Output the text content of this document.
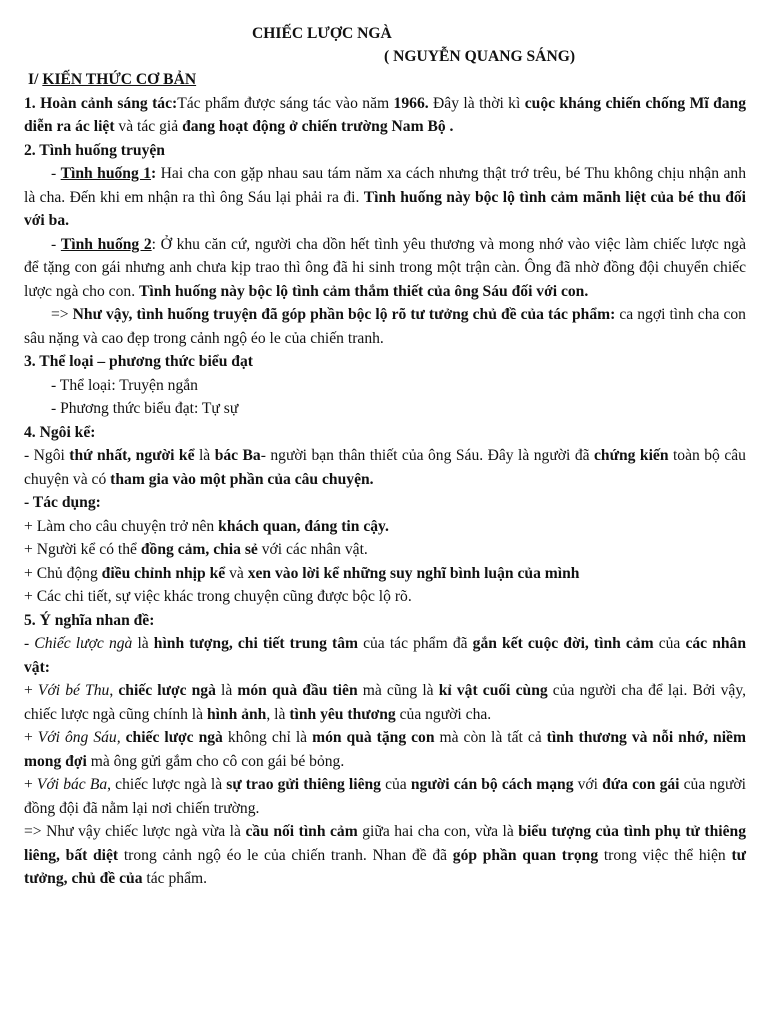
CHIẾC LƯỢC NGÀ
( NGUYỄN QUANG SÁNG)

I/ KIẾN THỨC CƠ BẢN

1. Hoàn cảnh sáng tác:Tác phẩm được sáng tác vào năm 1966. Đây là thời kì cuộc kháng chiến chống Mĩ đang diễn ra ác liệt và tác giả đang hoạt động ở chiến trường Nam Bộ .

2. Tình huống truyện

- Tình huống 1: Hai cha con gặp nhau sau tám năm xa cách nhưng thật trớ trêu, bé Thu không chịu nhận anh là cha. Đến khi em nhận ra thì ông Sáu lại phải ra đi. Tình huống này bộc lộ tình cảm mãnh liệt của bé thu đối với ba.

- Tình huống 2: Ở khu căn cứ, người cha dồn hết tình yêu thương và mong nhớ vào việc làm chiếc lược ngà để tặng con gái nhưng anh chưa kịp trao thì ông đã hi sinh trong một trận càn. Ông đã nhờ đồng đội chuyển chiếc lược ngà cho con. Tình huống này bộc lộ tình cảm thắm thiết của ông Sáu đối với con.

=> Như vậy, tình huống truyện đã góp phần bộc lộ rõ tư tưởng chủ đề của tác phẩm: ca ngợi tình cha con sâu nặng và cao đẹp trong cảnh ngộ éo le của chiến tranh.

3. Thể loại – phương thức biểu đạt

- Thể loại: Truyện ngắn

- Phương thức biểu đạt: Tự sự

4. Ngôi kể:

- Ngôi thứ nhất, người kể là bác Ba- người bạn thân thiết của ông Sáu. Đây là người đã chứng kiến toàn bộ câu chuyện và có tham gia vào một phần của câu chuyện.

- Tác dụng:

+ Làm cho câu chuyện trở nên khách quan, đáng tin cậy.

+ Người kể có thể đồng cảm, chia sẻ với các nhân vật.

+ Chủ động điều chỉnh nhịp kể và xen vào lời kể những suy nghĩ bình luận của mình

+ Các chi tiết, sự việc khác trong chuyện cũng được bộc lộ rõ.

5. Ý nghĩa nhan đề:

- Chiếc lược ngà là hình tượng, chi tiết trung tâm của tác phẩm đã gắn kết cuộc đời, tình cảm của các nhân vật:

+ Với bé Thu, chiếc lược ngà là món quà đầu tiên mà cũng là kỉ vật cuối cùng của người cha để lại. Bởi vậy, chiếc lược ngà cũng chính là hình ảnh, là tình yêu thương của người cha.

+ Với ông Sáu, chiếc lược ngà không chỉ là món quà tặng con mà còn là tất cả tình thương và nỗi nhớ, niềm mong đợi mà ông gửi gắm cho cô con gái bé bỏng.

+ Với bác Ba, chiếc lược ngà là sự trao gửi thiêng liêng của người cán bộ cách mạng với đứa con gái của người đồng đội đã nằm lại nơi chiến trường.

=> Như vậy chiếc lược ngà vừa là cầu nối tình cảm giữa hai cha con, vừa là biểu tượng của tình phụ tử thiêng liêng, bất diệt trong cảnh ngộ éo le của chiến tranh. Nhan đề đã góp phần quan trọng trong việc thể hiện tư tưởng, chủ đề của tác phẩm.
